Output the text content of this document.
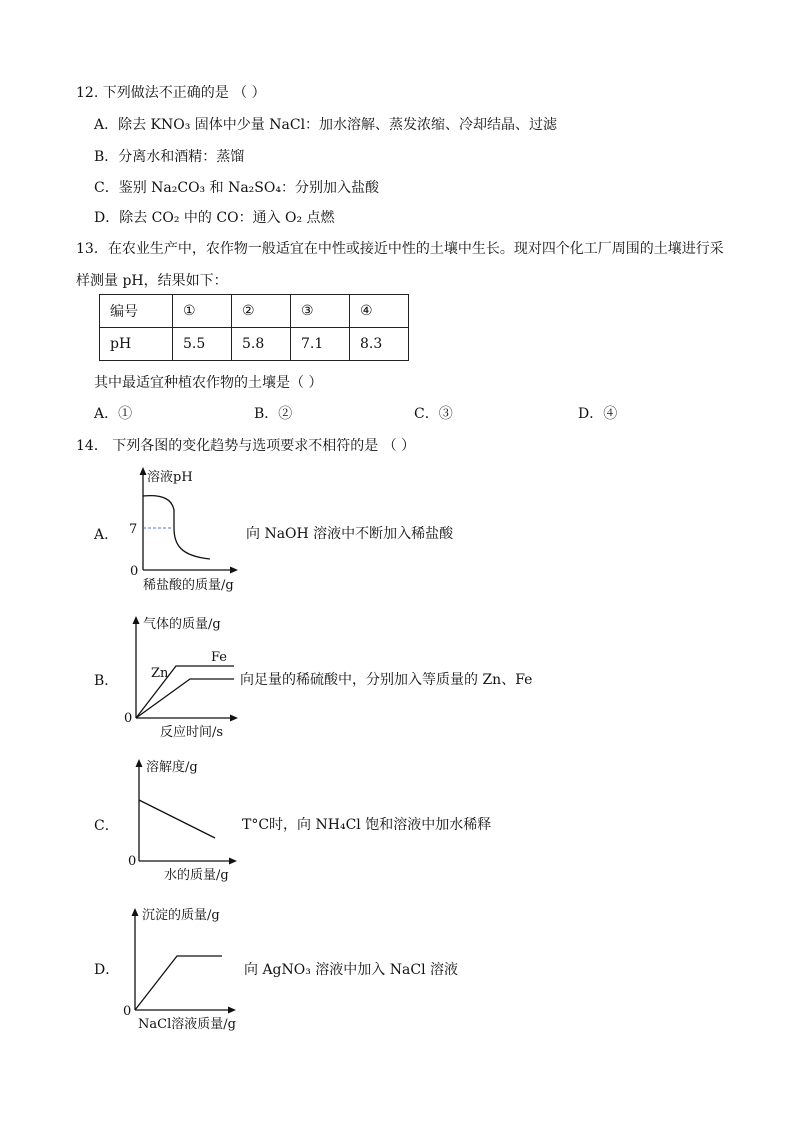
12. 下列做法不正确的是 （ ）
A．除去 KNO₃ 固体中少量 NaCl：加水溶解、蒸发浓缩、冷却结晶、过滤
B．分离水和酒精：蒸馏
C．鉴别 Na₂CO₃ 和 Na₂SO₄：分别加入盐酸
D．除去 CO₂ 中的 CO：通入 O₂ 点燃
13．在农业生产中，农作物一般适宜在中性或接近中性的土壤中生长。现对四个化工厂周围的土壤进行采
样测量 pH，结果如下：
编号	①	②	③	④
pH	5.5	5.8	7.1	8.3
其中最适宜种植农作物的土壤是（ ）
A．①	B．②	C．③	D．④
14． 下列各图的变化趋势与选项要求不相符的是 （ ）
A．
溶液pH
7
0
稀盐酸的质量/g
向 NaOH 溶液中不断加入稀盐酸
B．
气体的质量/g
Fe
Zn
0
反应时间/s
向足量的稀硫酸中，分别加入等质量的 Zn、Fe
C．
溶解度/g
0
水的质量/g
T°C时，向 NH₄Cl 饱和溶液中加水稀释
D．
沉淀的质量/g
0
NaCl溶液质量/g
向 AgNO₃ 溶液中加入 NaCl 溶液
